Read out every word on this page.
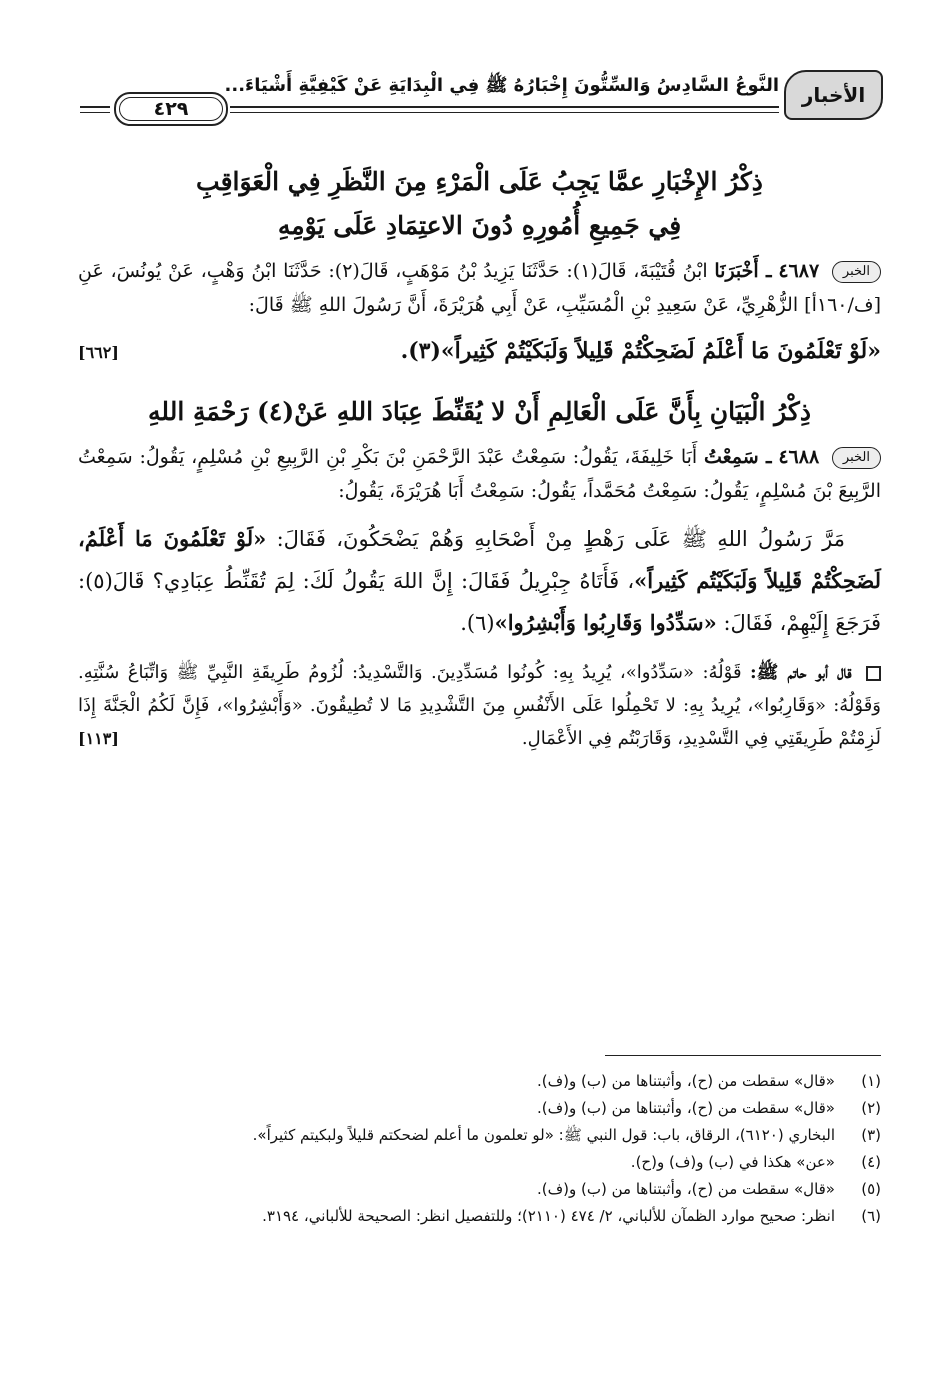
الأخبار
النَّوعُ السَّادِسُ وَالسِّتُّونَ إِخْبَارُهُ ﷺ فِي الْبِدَايَةِ عَنْ كَيْفِيَّةِ أَشْيَاءَ...
٤٢٩
ذِكْرُ الإِخْبَارِ عمَّا يَجِبُ عَلَى الْمَرْءِ مِنَ النَّظَرِ فِي الْعَوَاقِبِ
فِي جَمِيعِ أُمُورِهِ دُونَ الاعتِمَادِ عَلَى يَوْمِهِ
الخبر ٤٦٨٧ ـ أَخْبَرَنَا ابْنُ قُتَيْبَةَ، قَالَ(١): حَدَّثَنَا يَزِيدُ بْنُ مَوْهَبٍ، قَالَ(٢): حَدَّثَنَا ابْنُ وَهْبٍ، عَنْ يُونُسَ، عَنِ [ف/١٦٠أ] الزُّهْرِيِّ، عَنْ سَعِيدِ بْنِ الْمُسَيِّبِ، عَنْ أَبِي هُرَيْرَةَ، أَنَّ رَسُولَ اللهِ ﷺ قَالَ:
«لَوْ تَعْلَمُونَ مَا أَعْلَمُ لَضَحِكْتُمْ قَلِيلاً وَلَبَكَيْتُمْ كَثِيراً»(٣).
[٦٦٢]
ذِكْرُ الْبَيَانِ بِأَنَّ عَلَى الْعَالِمِ أَنْ لا يُقَنِّطَ عِبَادَ اللهِ عَنْ(٤) رَحْمَةِ اللهِ
الخبر ٤٦٨٨ ـ سَمِعْتُ أَبَا خَلِيفَةَ، يَقُولُ: سَمِعْتُ عَبْدَ الرَّحْمَنِ بْنَ بَكْرِ بْنِ الرَّبِيعِ بْنِ مُسْلِمٍ، يَقُولُ: سَمِعْتُ الرَّبِيعَ بْنَ مُسْلِمٍ، يَقُولُ: سَمِعْتُ مُحَمَّداً، يَقُولُ: سَمِعْتُ أَبَا هُرَيْرَةَ، يَقُولُ:
مَرَّ رَسُولُ اللهِ ﷺ عَلَى رَهْطٍ مِنْ أَصْحَابِهِ وَهُمْ يَضْحَكُونَ، فَقَالَ: «لَوْ تَعْلَمُونَ مَا أَعْلَمُ، لَضَحِكْتُمْ قَلِيلاً وَلَبَكَيْتُم كَثِيراً»، فَأَتَاهُ جِبْرِيلُ فَقَالَ: إِنَّ اللهَ يَقُولُ لَكَ: لِمَ تُقَنِّطُ عِبَادِي؟ قَالَ(٥): فَرَجَعَ إِلَيْهِمْ، فَقَالَ: «سَدِّدُوا وَقَارِبُوا وَأَبْشِرُوا»(٦).
قال أبو حاتم ﷺ: قَوْلُهُ: «سَدِّدُوا»، يُرِيدُ بِهِ: كُونُوا مُسَدِّدِينَ. وَالتَّسْدِيدُ: لُزُومُ طَرِيقَةِ النَّبِيِّ ﷺ وَاتِّبَاعُ سُنَّتِهِ. وَقَوْلُهُ: «وَقَارِبُوا»، يُرِيدُ بِهِ: لا تَحْمِلُوا عَلَى الأَنْفُسِ مِنَ التَّشْدِيدِ مَا لا تُطِيقُونَ. «وَأَبْشِرُوا»، فَإِنَّ لَكُمُ الْجَنَّةَ إِذَا لَزِمْتُمْ طَرِيقَتِي فِي التَّسْدِيدِ، وَقَارَبْتُم فِي الأَعْمَالِ.
[١١٣]
(١)
«قال» سقطت من (ح)، وأثبتناها من (ب) و(ف).
(٢)
«قال» سقطت من (ح)، وأثبتناها من (ب) و(ف).
(٣)
البخاري (٦١٢٠)، الرقاق، باب: قول النبي ﷺ: «لو تعلمون ما أعلم لضحكتم قليلاً ولبكيتم كثيراً».
(٤)
«عن» هكذا في (ب) و(ف) و(ح).
(٥)
«قال» سقطت من (ح)، وأثبتناها من (ب) و(ف).
(٦)
انظر: صحيح موارد الظمآن للألباني، ٢/ ٤٧٤ (٢١١٠)؛ وللتفصيل انظر: الصحيحة للألباني، ٣١٩٤.
